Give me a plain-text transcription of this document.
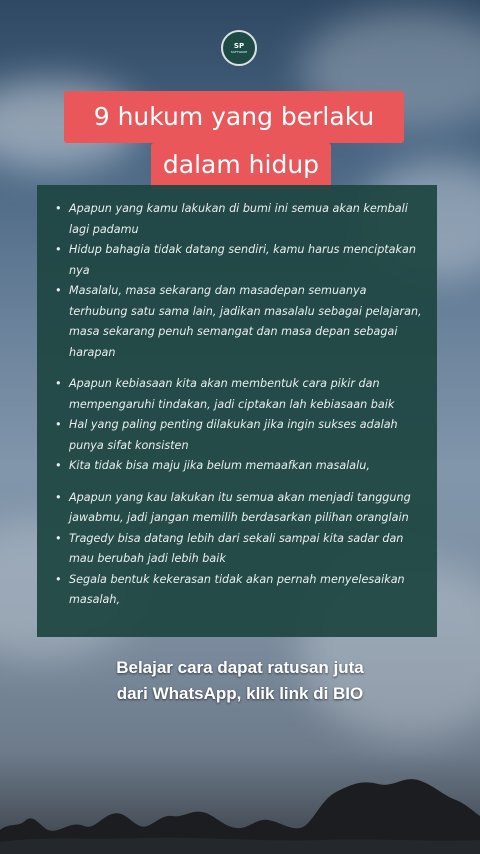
SP
SOFTWARE
9 hukum yang berlaku
dalam hidup
• Apapun yang kamu lakukan di bumi ini semua akan kembali lagi padamu
• Hidup bahagia tidak datang sendiri, kamu harus menciptakan nya
• Masalalu, masa sekarang dan masadepan semuanya terhubung satu sama lain, jadikan masalalu sebagai pelajaran, masa sekarang penuh semangat dan masa depan sebagai harapan
• Apapun kebiasaan kita akan membentuk cara pikir dan mempengaruhi tindakan, jadi ciptakan lah kebiasaan baik
• Hal yang paling penting dilakukan jika ingin sukses adalah punya sifat konsisten
• Kita tidak bisa maju jika belum memaafkan masalalu,
• Apapun yang kau lakukan itu semua akan menjadi tanggung jawabmu, jadi jangan memilih berdasarkan pilihan oranglain
• Tragedy bisa datang lebih dari sekali sampai kita sadar dan mau berubah jadi lebih baik
• Segala bentuk kekerasan tidak akan pernah menyelesaikan masalah,
Belajar cara dapat ratusan juta
dari WhatsApp, klik link di BIO
